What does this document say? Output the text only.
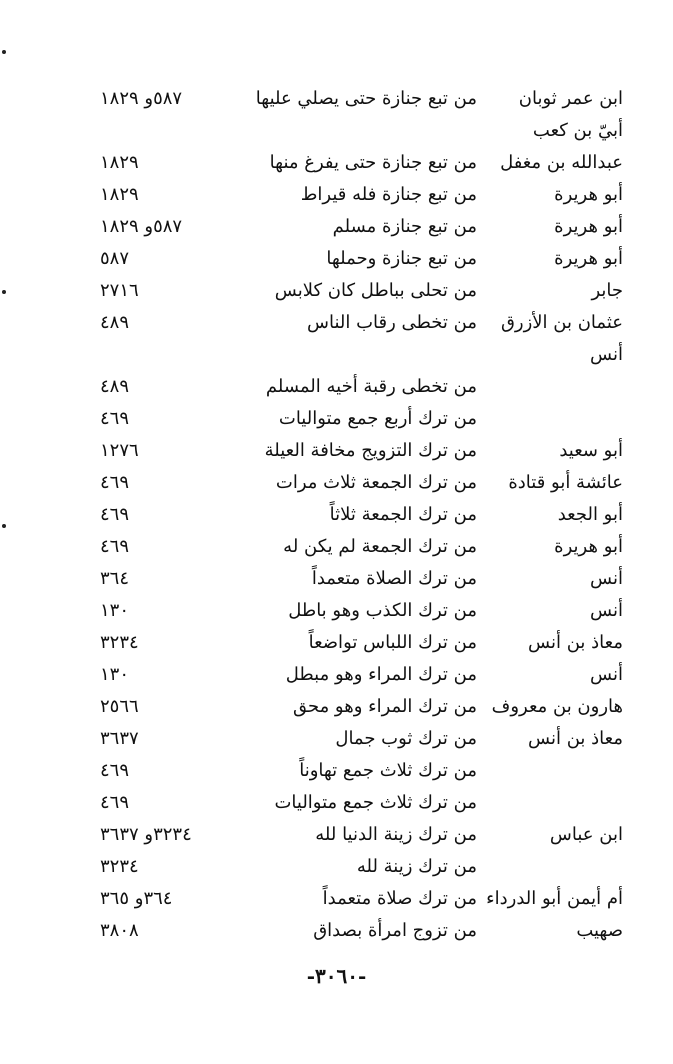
ابن عمر ثوبان
من تبع جنازة حتى يصلي عليها
٥٨٧و ١٨٢٩
أبيّ بن كعب
عبدالله بن مغفل
من تبع جنازة حتى يفرغ منها
١٨٢٩
أبو هريرة
من تبع جنازة فله قيراط
١٨٢٩
أبو هريرة
من تبع جنازة مسلم
٥٨٧و ١٨٢٩
أبو هريرة
من تبع جنازة وحملها
٥٨٧
جابر
من تحلى بباطل كان كلابس
٢٧١٦
عثمان بن الأزرق
من تخطى رقاب الناس
٤٨٩
أنس
من تخطى رقبة أخيه المسلم
٤٨٩
من ترك أربع جمع متواليات
٤٦٩
أبو سعيد
من ترك التزويج مخافة العيلة
١٢٧٦
عائشة أبو قتادة
من ترك الجمعة ثلاث مرات
٤٦٩
أبو الجعد
من ترك الجمعة ثلاثاً
٤٦٩
أبو هريرة
من ترك الجمعة لم يكن له
٤٦٩
أنس
من ترك الصلاة متعمداً
٣٦٤
أنس
من ترك الكذب وهو باطل
١٣٠
معاذ بن أنس
من ترك اللباس تواضعاً
٣٢٣٤
أنس
من ترك المراء وهو مبطل
١٣٠
هارون بن معروف
من ترك المراء وهو محق
٢٥٦٦
معاذ بن أنس
من ترك ثوب جمال
٣٦٣٧
من ترك ثلاث جمع تهاوناً
٤٦٩
من ترك ثلاث جمع متواليات
٤٦٩
ابن عباس
من ترك زينة الدنيا لله
٣٢٣٤و ٣٦٣٧
من ترك زينة لله
٣٢٣٤
أم أيمن أبو الدرداء
من ترك صلاة متعمداً
٣٦٤و ٣٦٥
صهيب
من تزوج امرأة بصداق
٣٨٠٨
-٣٠٦٠-
